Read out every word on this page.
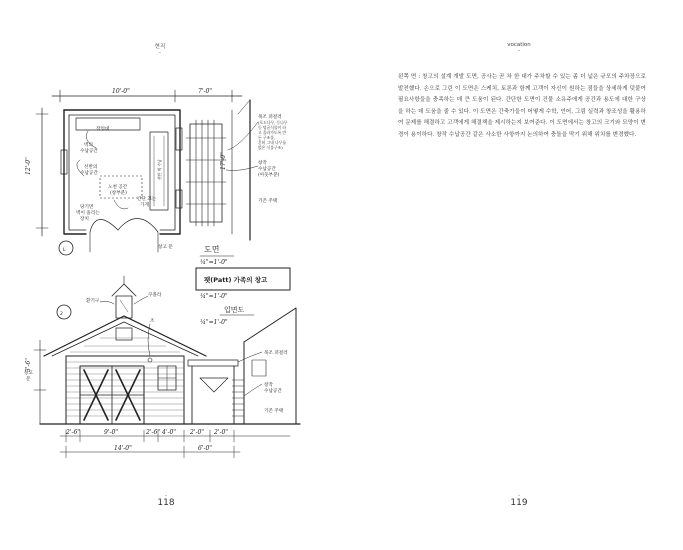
현직
-
10'-0"	7'-0"
12'-0"
작업대
벽의 수납공간
선반의 수납공간
노천 공간 (창부분)
당기면 벽이 올리는 장치
선반 벽 수납
간단 끄는 가게
창고 문
L
17'-0"
목조 퍼걸러 (포도나무, 등나무 등 덩굴식물이 타 고 올라가도록 만 든 구조물, 흔히 그네 나무를 얹은 식물구조)
창작 수납공간 (아웃부분)
기존 주택
도면
¼"=1'-0"
팻(Patt) 가족의 창고
¼"=1'-0"
입면도
¼"=1'-0"
2
3'-6"
창고 문
환기구
쿠폴라
조
목조 퍼걸러
창작 수납공간
기존 주택
2'-6"	9'-0"	2'-6" 4'-0" 2'-0" 2'-0"
14'-0"	6'-0"
-
118
vocation
-
왼쪽 면 : 창고의 설계 개발 도면, 공사는 곧 차 한 대가 주차할 수 있는 좀 더 넓은 규모의 주차장으로 발전했다. 손으로 그린 이 도면은 스케치, 토론과 함께 고객이 자신이 원하는 점들을 상세하게 덧붙여 필요사항들을 충족하는 데 큰 도움이 된다. 간단한 도면이 건물 소유주에게 공간과 용도에 대한 구상을 하는 데 도움을 줄 수 있다. 이 도면은 간축가들이 어떻게 수학, 언어, 그림 실력과 창조성을 활용하여 문제를 해결하고 고객에게 해결책을 제시하는지 보여준다. 이 도면에서는 창고의 크기와 모양이 변경이 용이하다. 창작 수납공간 같은 사소한 사항까지 논의하여 충돌을 막기 위해 위치를 변경했다.
-
119
